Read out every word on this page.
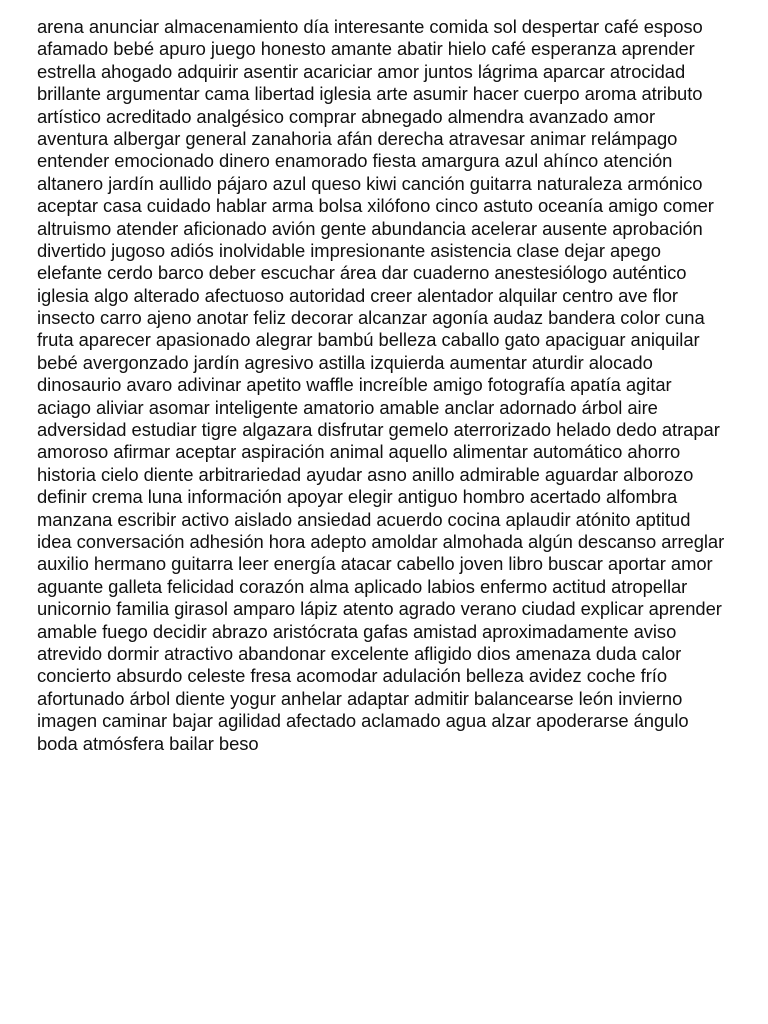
arena anunciar almacenamiento día interesante comida sol despertar café esposo
afamado bebé apuro juego honesto amante abatir hielo café esperanza aprender
estrella ahogado adquirir asentir acariciar amor juntos lágrima aparcar atrocidad
brillante argumentar cama libertad iglesia arte asumir hacer cuerpo aroma atributo
artístico acreditado analgésico comprar abnegado almendra avanzado amor
aventura albergar general zanahoria afán derecha atravesar animar relámpago
entender emocionado dinero enamorado fiesta amargura azul ahínco atención
altanero jardín aullido pájaro azul queso kiwi canción guitarra naturaleza armónico
aceptar casa cuidado hablar arma bolsa xilófono cinco astuto oceanía amigo comer
altruismo atender aficionado avión gente abundancia acelerar ausente aprobación
divertido jugoso adiós inolvidable impresionante asistencia clase dejar apego
elefante cerdo barco deber escuchar área dar cuaderno anestesiólogo auténtico
iglesia algo alterado afectuoso autoridad creer alentador alquilar centro ave flor
insecto carro ajeno anotar feliz decorar alcanzar agonía audaz bandera color cuna
fruta aparecer apasionado alegrar bambú belleza caballo gato apaciguar aniquilar
bebé avergonzado jardín agresivo astilla izquierda aumentar aturdir alocado
dinosaurio avaro adivinar apetito waffle increíble amigo fotografía apatía agitar
aciago aliviar asomar inteligente amatorio amable anclar adornado árbol aire
adversidad estudiar tigre algazara disfrutar gemelo aterrorizado helado dedo atrapar
amoroso afirmar aceptar aspiración animal aquello alimentar automático ahorro
historia cielo diente arbitrariedad ayudar asno anillo admirable aguardar alborozo
definir crema luna información apoyar elegir antiguo hombro acertado alfombra
manzana escribir activo aislado ansiedad acuerdo cocina aplaudir atónito aptitud
idea conversación adhesión hora adepto amoldar almohada algún descanso arreglar
auxilio hermano guitarra leer energía atacar cabello joven libro buscar aportar amor
aguante galleta felicidad corazón alma aplicado labios enfermo actitud atropellar
unicornio familia girasol amparo lápiz atento agrado verano ciudad explicar aprender
amable fuego decidir abrazo aristócrata gafas amistad aproximadamente aviso
atrevido dormir atractivo abandonar excelente afligido dios amenaza duda calor
concierto absurdo celeste fresa acomodar adulación belleza avidez coche frío
afortunado árbol diente yogur anhelar adaptar admitir balancearse león invierno
imagen caminar bajar agilidad afectado aclamado agua alzar apoderarse ángulo
boda atmósfera bailar beso
